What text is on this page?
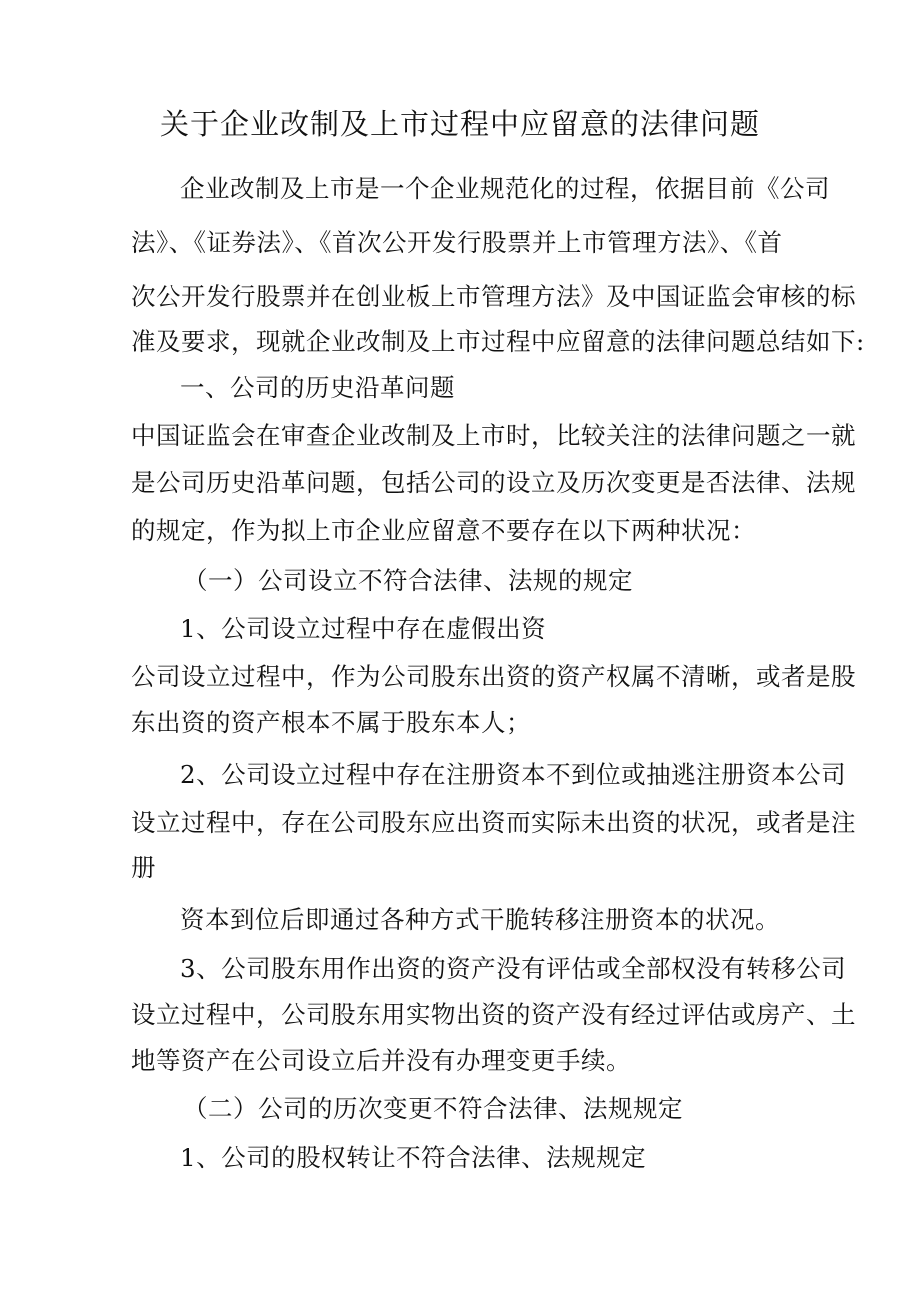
关于企业改制及上市过程中应留意的法律问题
企业改制及上市是一个企业规范化的过程，依据目前《公司
法》、《证券法》、《首次公开发行股票并上市管理方法》、《首
次公开发行股票并在创业板上市管理方法》及中国证监会审核的标
准及要求，现就企业改制及上市过程中应留意的法律问题总结如下:
一、公司的历史沿革问题
中国证监会在审查企业改制及上市时，比较关注的法律问题之一就
是公司历史沿革问题，包括公司的设立及历次变更是否法律、法规
的规定，作为拟上市企业应留意不要存在以下两种状况：
（一）公司设立不符合法律、法规的规定
1、公司设立过程中存在虚假出资
公司设立过程中，作为公司股东出资的资产权属不清晰，或者是股
东出资的资产根本不属于股东本人；
2、公司设立过程中存在注册资本不到位或抽逃注册资本公司
设立过程中，存在公司股东应出资而实际未出资的状况，或者是注
册
资本到位后即通过各种方式干脆转移注册资本的状况。
3、公司股东用作出资的资产没有评估或全部权没有转移公司
设立过程中，公司股东用实物出资的资产没有经过评估或房产、土
地等资产在公司设立后并没有办理变更手续。
（二）公司的历次变更不符合法律、法规规定
1、公司的股权转让不符合法律、法规规定
